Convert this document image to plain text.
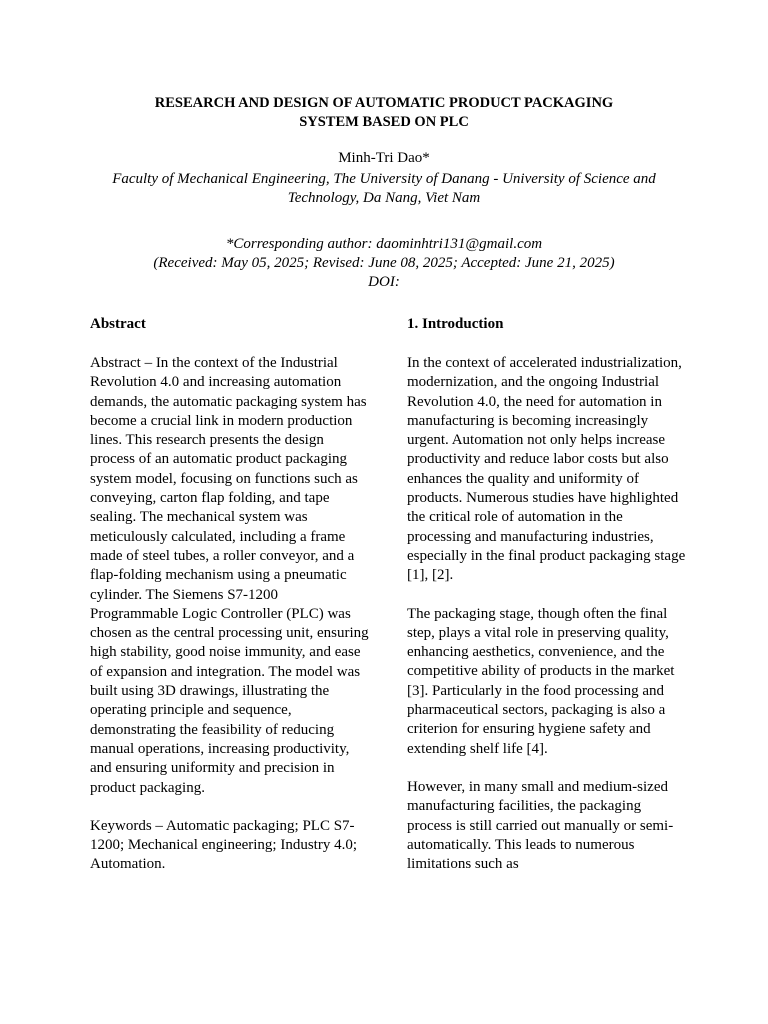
RESEARCH AND DESIGN OF AUTOMATIC PRODUCT PACKAGING
SYSTEM BASED ON PLC
Minh-Tri Dao*
Faculty of Mechanical Engineering, The University of Danang - University of Science and Technology, Da Nang, Viet Nam
*Corresponding author: daominhtri131@gmail.com
(Received: May 05, 2025; Revised: June 08, 2025; Accepted: June 21, 2025)
DOI:
Abstract

Abstract – In the context of the Industrial Revolution 4.0 and increasing automation demands, the automatic packaging system has become a crucial link in modern production lines. This research presents the design process of an automatic product packaging system model, focusing on functions such as conveying, carton flap folding, and tape sealing. The mechanical system was meticulously calculated, including a frame made of steel tubes, a roller conveyor, and a flap-folding mechanism using a pneumatic cylinder. The Siemens S7-1200 Programmable Logic Controller (PLC) was chosen as the central processing unit, ensuring high stability, good noise immunity, and ease of expansion and integration. The model was built using 3D drawings, illustrating the operating principle and sequence, demonstrating the feasibility of reducing manual operations, increasing productivity, and ensuring uniformity and precision in product packaging.

Keywords – Automatic packaging; PLC S7-1200; Mechanical engineering; Industry 4.0; Automation.

1. Introduction

In the context of accelerated industrialization, modernization, and the ongoing Industrial Revolution 4.0, the need for automation in manufacturing is becoming increasingly urgent. Automation not only helps increase productivity and reduce labor costs but also enhances the quality and uniformity of products. Numerous studies have highlighted the critical role of automation in the processing and manufacturing industries, especially in the final product packaging stage [1], [2].

The packaging stage, though often the final step, plays a vital role in preserving quality, enhancing aesthetics, convenience, and the competitive ability of products in the market [3]. Particularly in the food processing and pharmaceutical sectors, packaging is also a criterion for ensuring hygiene safety and extending shelf life [4].

However, in many small and medium-sized manufacturing facilities, the packaging process is still carried out manually or semi-automatically. This leads to numerous limitations such as
